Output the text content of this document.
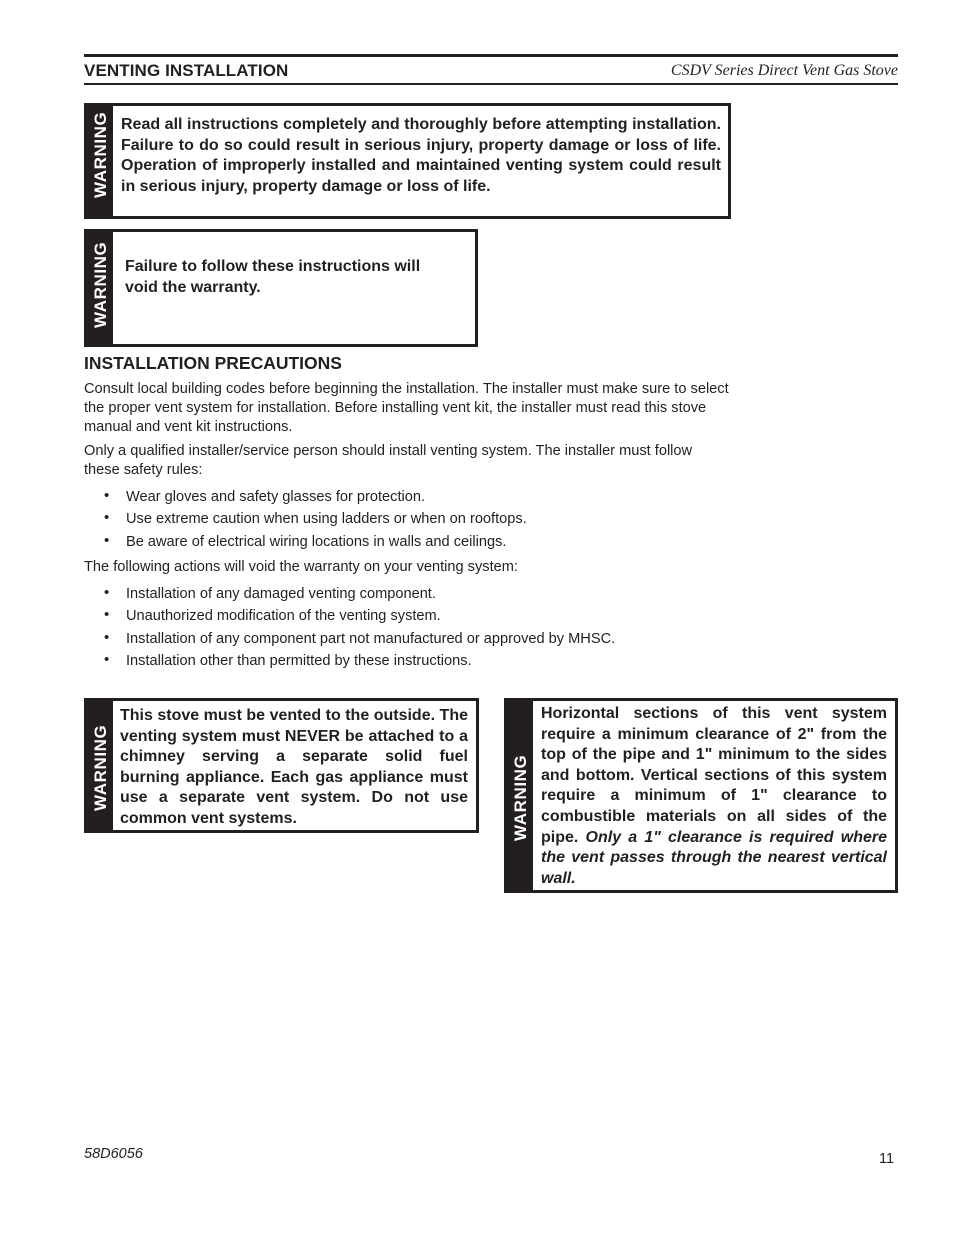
VENTING INSTALLATION	CSDV Series Direct Vent Gas Stove
WARNING Read all instructions completely and thoroughly before attempting installation. Failure to do so could result in serious injury, property damage or loss of life. Operation of improperly installed and maintained venting system could result in serious injury, property damage or loss of life.
WARNING Failure to follow these instructions will void the warranty.
INSTALLATION PRECAUTIONS
Consult local building codes before beginning the installation. The installer must make sure to select the proper vent system for installation. Before installing vent kit, the installer must read this stove manual and vent kit instructions.
Only a qualified installer/service person should install venting system. The installer must follow these safety rules:
• Wear gloves and safety glasses for protection.
• Use extreme caution when using ladders or when on rooftops.
• Be aware of electrical wiring locations in walls and ceilings.
The following actions will void the warranty on your venting system:
• Installation of any damaged venting component.
• Unauthorized modification of the venting system.
• Installation of any component part not manufactured or approved by MHSC.
• Installation other than permitted by these instructions.
WARNING
This stove must be vented to the outside. The venting system must NEVER be attached to a chimney serving a separate solid fuel burning appliance. Each gas appliance must use a separate vent system. Do not use common vent systems.	WARNING
Horizontal sections of this vent system require a minimum clearance of 2" from the top of the pipe and 1" minimum to the sides and bottom. Vertical sections of this system require a minimum of 1" clearance to combustible materials on all sides of the pipe. Only a 1" clearance is required where the vent passes through the nearest vertical wall.
58D6056	11
